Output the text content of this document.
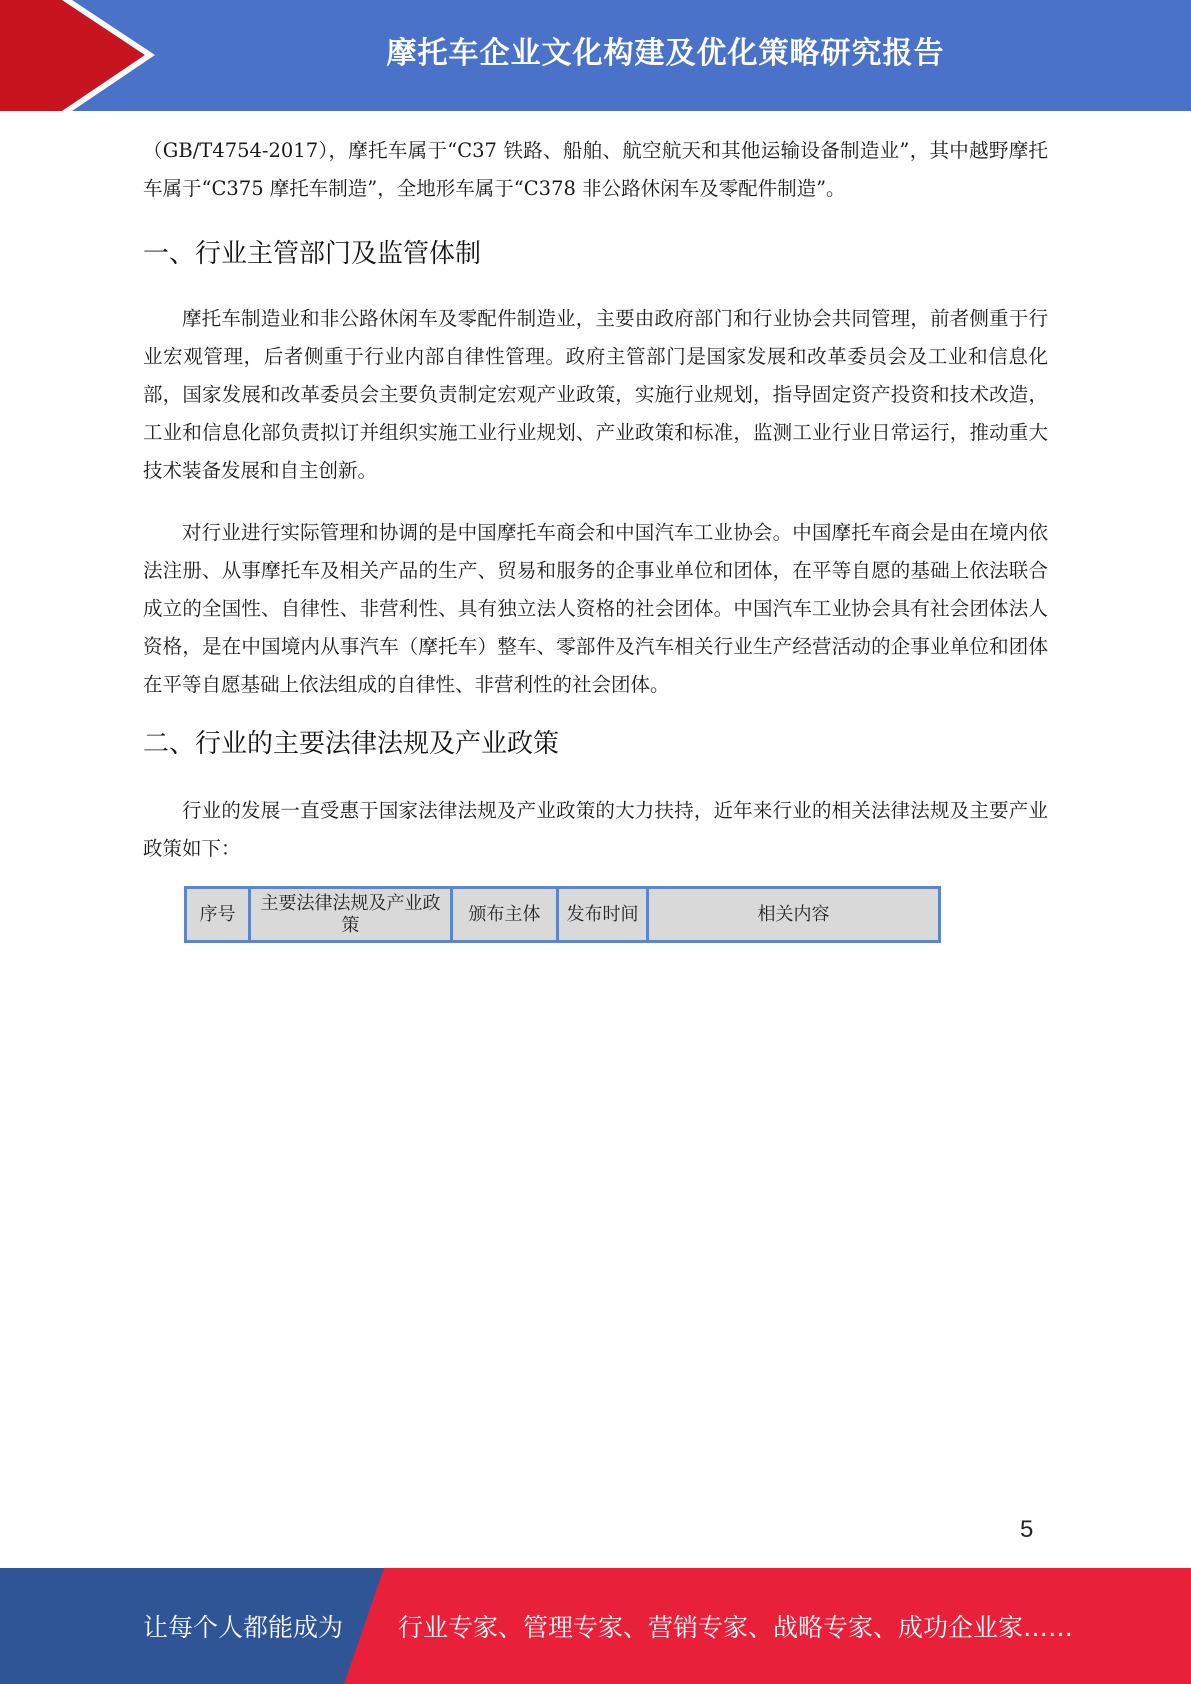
摩托车企业文化构建及优化策略研究报告

（GB/T4754-2017），摩托车属于“C37 铁路、船舶、航空航天和其他运输设备制造业”，其中越野摩托车属于“C375 摩托车制造”，全地形车属于“C378 非公路休闲车及零配件制造”。

一、行业主管部门及监管体制

摩托车制造业和非公路休闲车及零配件制造业，主要由政府部门和行业协会共同管理，前者侧重于行业宏观管理，后者侧重于行业内部自律性管理。政府主管部门是国家发展和改革委员会及工业和信息化部，国家发展和改革委员会主要负责制定宏观产业政策，实施行业规划，指导固定资产投资和技术改造，工业和信息化部负责拟订并组织实施工业行业规划、产业政策和标准，监测工业行业日常运行，推动重大技术装备发展和自主创新。

对行业进行实际管理和协调的是中国摩托车商会和中国汽车工业协会。中国摩托车商会是由在境内依法注册、从事摩托车及相关产品的生产、贸易和服务的企事业单位和团体，在平等自愿的基础上依法联合成立的全国性、自律性、非营利性、具有独立法人资格的社会团体。中国汽车工业协会具有社会团体法人资格，是在中国境内从事汽车（摩托车）整车、零部件及汽车相关行业生产经营活动的企事业单位和团体在平等自愿基础上依法组成的自律性、非营利性的社会团体。

二、行业的主要法律法规及产业政策

行业的发展一直受惠于国家法律法规及产业政策的大力扶持，近年来行业的相关法律法规及主要产业政策如下：

序号	主要法律法规及产业政策	颁布主体	发布时间	相关内容
5
让每个人都能成为 行业专家、管理专家、营销专家、战略专家、成功企业家……
